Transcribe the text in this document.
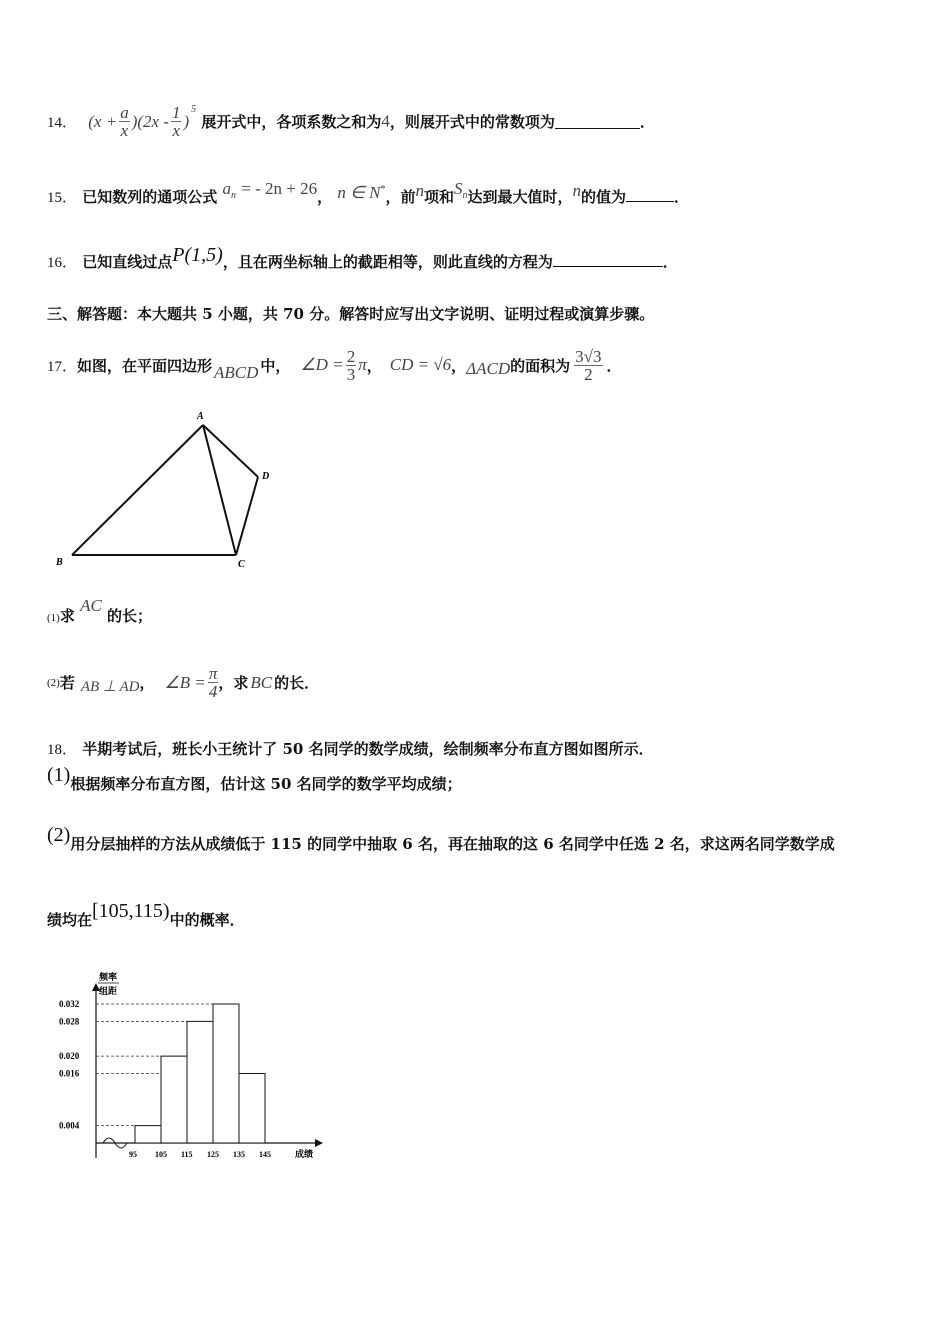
14． $(x + \frac{a}{x} )(2x - \frac{1}{x}$ )
5
展开式中，各项系数之和为4，则展开式中的常数项为	．
15． 已知数列的通项公式 $a_n$ = - 2n + 26， n ∈ N*，前n项和$S_n$达到最大值时，n的值为	．
16． 已知直线过点P(1,5)，且在两坐标轴上的截距相等，则此直线的方程为	．
三、解答题：本大题共 5 小题，共 70 分。解答时应写出文字说明、证明过程或演算步骤。
17． 如图，在平面四边形 ABCD 中， ∠D = $\frac{2}{3}$ π ， CD = √6 ， ΔACD 的面积为 $\frac{3√3}{2}$ ．
A
B	C
D
(1)求 AC 的长；
(2) 若 AB ⊥ AD ， ∠B = $\frac{\pi}{4}$ ，求 BC 的长．
18． 半期考试后，班长小王统计了 50 名同学的数学成绩，绘制频率分布直方图如图所示．
(1)根据频率分布直方图，估计这 50 名同学的数学平均成绩；
(2)用分层抽样的方法从成绩低于 115 的同学中抽取 6 名，再在抽取的这 6 名同学中任选 2 名，求这两名同学数学成
绩均在[105,115)中的概率．
频率
组距
成绩
0.004
0.016
0.020
0.028
0.032
95 105 115 125 135 145
